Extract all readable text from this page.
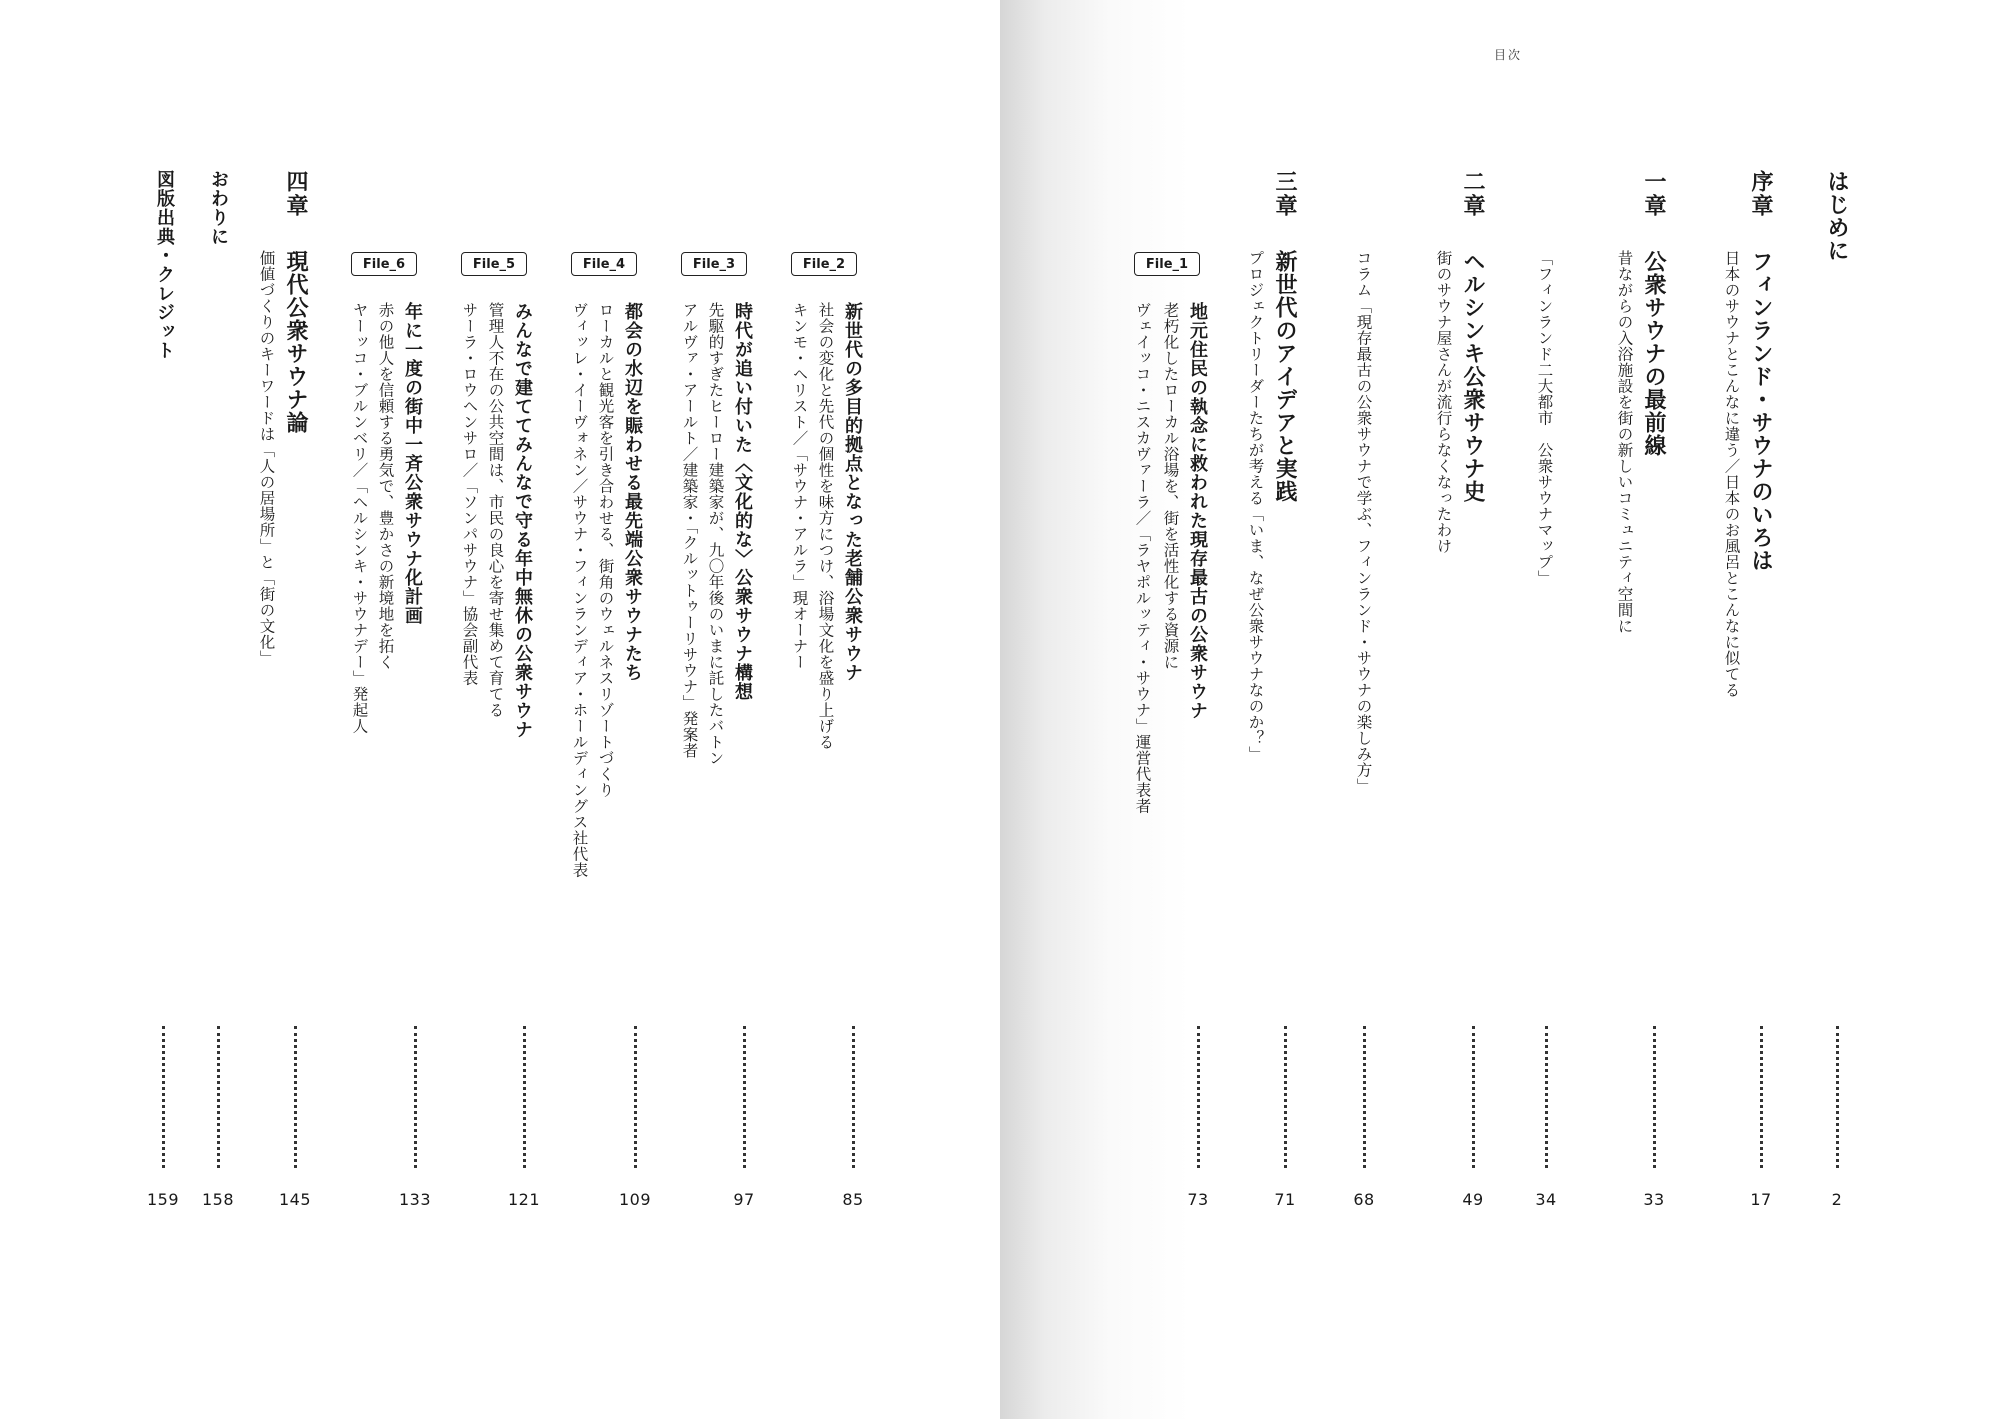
目次
はじめに
2
序章
フィンランド・サウナのいろは
日本のサウナとこんなに違う／日本のお風呂とこんなに似てる
17
一章
公衆サウナの最前線
昔ながらの入浴施設を街の新しいコミュニティ空間に
33
「フィンランド二大都市　公衆サウナマップ」
34
二章
ヘルシンキ公衆サウナ史
街のサウナ屋さんが流行らなくなったわけ
49
コラム「現存最古の公衆サウナで学ぶ、フィンランド・サウナの楽しみ方」
68
三章
新世代のアイデアと実践
プロジェクトリーダーたちが考える「いま、なぜ公衆サウナなのか？」
71
File_1
地元住民の執念に救われた現存最古の公衆サウナ
老朽化したローカル浴場を、街を活性化する資源に
ヴェイッコ・ニスカヴァーラ／「ラヤポルッティ・サウナ」運営代表者
73
File_2
新世代の多目的拠点となった老舗公衆サウナ
社会の変化と先代の個性を味方につけ、浴場文化を盛り上げる
キンモ・ヘリスト／「サウナ・アルラ」現オーナー
85
File_3
時代が追い付いた〈文化的な〉公衆サウナ構想
先駆的すぎたヒーロー建築家が、九〇年後のいまに託したバトン
アルヴァ・アールト／建築家・「クルットゥーリサウナ」発案者
97
File_4
都会の水辺を賑わせる最先端公衆サウナたち
ローカルと観光客を引き合わせる、街角のウェルネスリゾートづくり
ヴィッレ・イーヴォネン／サウナ・フィンランディア・ホールディングス社代表
109
File_5
みんなで建ててみんなで守る年中無休の公衆サウナ
管理人不在の公共空間は、市民の良心を寄せ集めて育てる
サーラ・ロウヘンサロ／「ソンパサウナ」協会副代表
121
File_6
年に一度の街中一斉公衆サウナ化計画
赤の他人を信頼する勇気で、豊かさの新境地を拓く
ヤーッコ・ブルンベリ／「ヘルシンキ・サウナデー」発起人
133
四章
現代公衆サウナ論
価値づくりのキーワードは「人の居場所」と「街の文化」
145
おわりに
158
図版出典・クレジット
159
